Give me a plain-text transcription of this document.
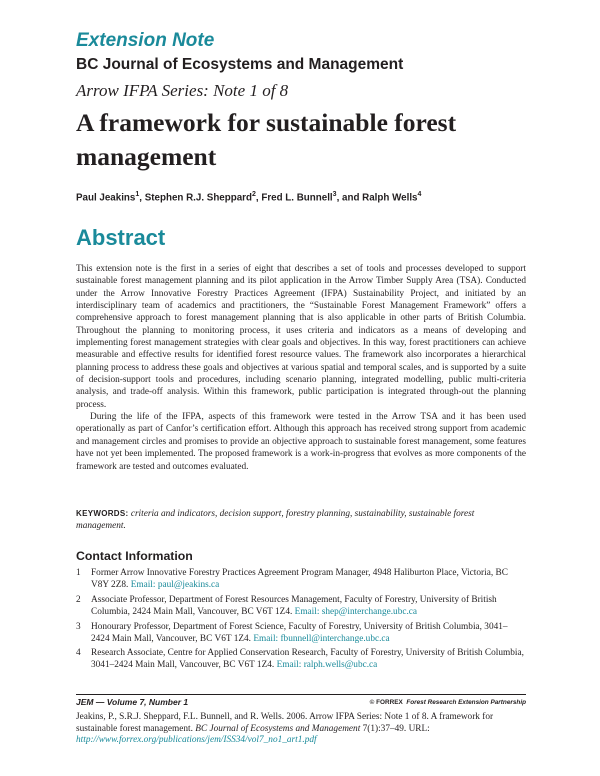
Extension Note
BC Journal of Ecosystems and Management
Arrow IFPA Series: Note 1 of 8
A framework for sustainable forest management
Paul Jeakins$^1$, Stephen R.J. Sheppard$^2$, Fred L. Bunnell$^3$, and Ralph Wells$^4$
Abstract

This extension note is the first in a series of eight that describes a set of tools and processes developed to support sustainable forest management planning and its pilot application in the Arrow Timber Supply Area (TSA). Conducted under the Arrow Innovative Forestry Practices Agreement (IFPA) Sustainability Project, and initiated by an interdisciplinary team of academics and practitioners, the “Sustainable Forest Management Framework” offers a comprehensive approach to forest management planning that is also applicable in other parts of British Columbia. Throughout the planning to monitoring process, it uses criteria and indicators as a means of developing and implementing forest management strategies with clear goals and objectives. In this way, forest practitioners can achieve measurable and effective results for identified forest resource values. The framework also incorporates a hierarchical planning process to address these goals and objectives at various spatial and temporal scales, and is supported by a suite of decision-support tools and procedures, including scenario planning, integrated modelling, public multi-criteria analysis, and trade-off analysis. Within this framework, public participation is integrated through-out the planning process.

During the life of the IFPA, aspects of this framework were tested in the Arrow TSA and it has been used operationally as part of Canfor’s certification effort. Although this approach has received strong support from academic and management circles and promises to provide an objective approach to sustainable forest management, some features have not yet been implemented. The proposed framework is a work-in-progress that evolves as more components of the framework are tested and outcomes evaluated.

KEYWORDS: criteria and indicators, decision support, forestry planning, sustainability, sustainable forest management.
Contact Information
1 Former Arrow Innovative Forestry Practices Agreement Program Manager, 4948 Haliburton Place, Victoria, BC V8Y 2Z8. Email: paul@jeakins.ca
2 Associate Professor, Department of Forest Resources Management, Faculty of Forestry, University of British Columbia, 2424 Main Mall, Vancouver, BC V6T 1Z4. Email: shep@interchange.ubc.ca
3 Honourary Professor, Department of Forest Science, Faculty of Forestry, University of British Columbia, 3041–2424 Main Mall, Vancouver, BC V6T 1Z4. Email: fbunnell@interchange.ubc.ca
4 Research Associate, Centre for Applied Conservation Research, Faculty of Forestry, University of British Columbia, 3041–2424 Main Mall, Vancouver, BC V6T 1Z4. Email: ralph.wells@ubc.ca
JEM — Volume 7, Number 1	© FORREX Forest Research Extension Partnership
Jeakins, P., S.R.J. Sheppard, F.L. Bunnell, and R. Wells. 2006. Arrow IFPA Series: Note 1 of 8. A framework for sustainable forest management. BC Journal of Ecosystems and Management 7(1):37–49. URL: http://www.forrex.org/publications/jem/ISS34/vol7_no1_art1.pdf
